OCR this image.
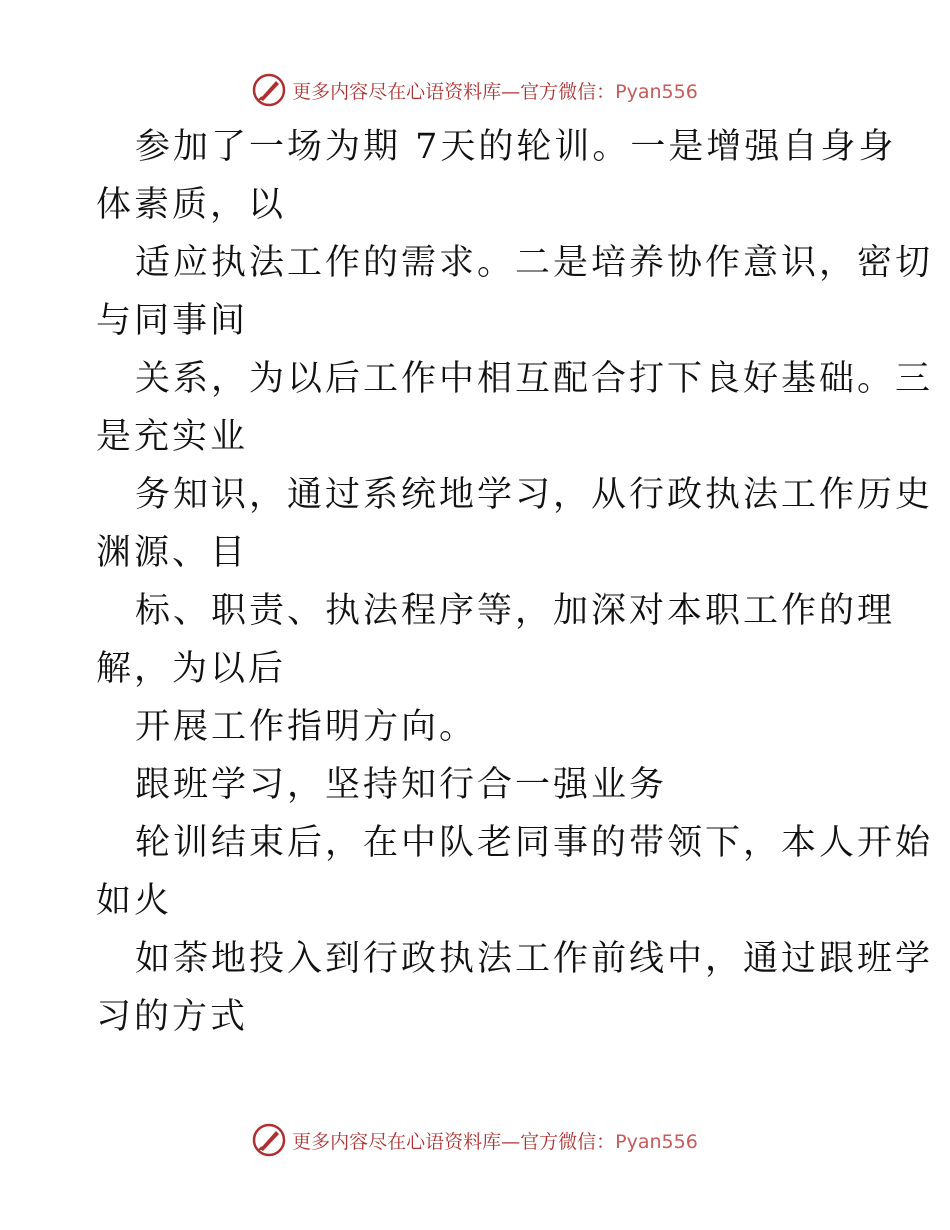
更多内容尽在心语资料库—官方微信：Pyan556
参加了一场为期 7天的轮训。一是增强自身身
体素质，以
适应执法工作的需求。二是培养协作意识，密切
与同事间
关系，为以后工作中相互配合打下良好基础。三
是充实业
务知识，通过系统地学习，从行政执法工作历史
渊源、目
标、职责、执法程序等，加深对本职工作的理
解，为以后
开展工作指明方向。
跟班学习，坚持知行合一强业务
轮训结束后，在中队老同事的带领下，本人开始
如火
如荼地投入到行政执法工作前线中，通过跟班学
习的方式
更多内容尽在心语资料库—官方微信：Pyan556
